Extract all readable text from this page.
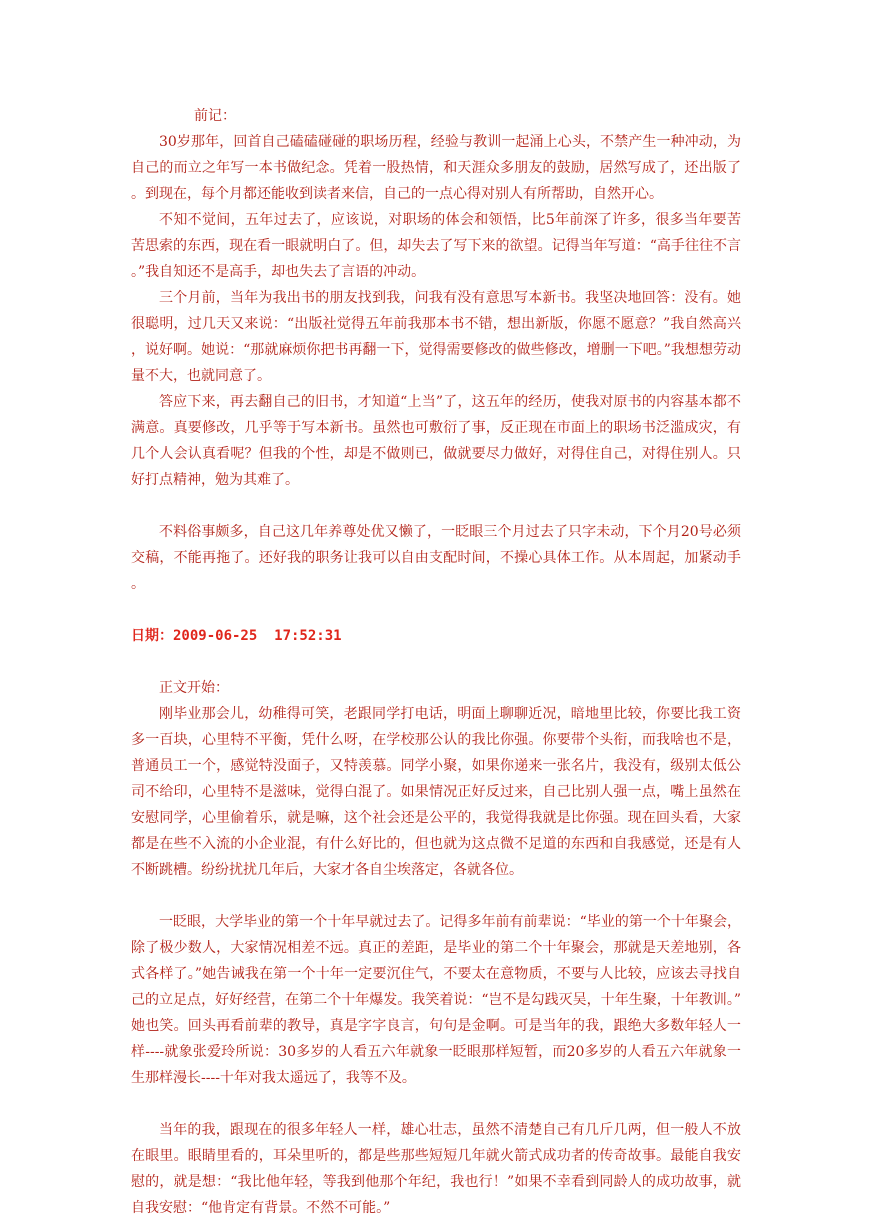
前记：

30岁那年，回首自己磕磕碰碰的职场历程，经验与教训一起涌上心头，不禁产生一种冲动，为自己的而立之年写一本书做纪念。凭着一股热情，和天涯众多朋友的鼓励，居然写成了，还出版了。到现在，每个月都还能收到读者来信，自己的一点心得对别人有所帮助，自然开心。

不知不觉间，五年过去了，应该说，对职场的体会和领悟，比5年前深了许多，很多当年要苦苦思索的东西，现在看一眼就明白了。但，却失去了写下来的欲望。记得当年写道：“高手往往不言。”我自知还不是高手，却也失去了言语的冲动。

三个月前，当年为我出书的朋友找到我，问我有没有意思写本新书。我坚决地回答：没有。她很聪明，过几天又来说：“出版社觉得五年前我那本书不错，想出新版，你愿不愿意？”我自然高兴，说好啊。她说：“那就麻烦你把书再翻一下，觉得需要修改的做些修改，增删一下吧。”我想想劳动量不大，也就同意了。

答应下来，再去翻自己的旧书，才知道“上当”了，这五年的经历，使我对原书的内容基本都不满意。真要修改，几乎等于写本新书。虽然也可敷衍了事，反正现在市面上的职场书泛滥成灾，有几个人会认真看呢？但我的个性，却是不做则已，做就要尽力做好，对得住自己，对得住别人。只好打点精神，勉为其难了。

不料俗事颇多，自己这几年养尊处优又懒了，一眨眼三个月过去了只字未动，下个月20号必须交稿，不能再拖了。还好我的职务让我可以自由支配时间，不操心具体工作。从本周起，加紧动手。

日期：2009-06-25  17:52:31

正文开始：

刚毕业那会儿，幼稚得可笑，老跟同学打电话，明面上聊聊近况，暗地里比较，你要比我工资多一百块，心里特不平衡，凭什么呀，在学校那公认的我比你强。你要带个头衔，而我啥也不是，普通员工一个，感觉特没面子，又特羡慕。同学小聚，如果你递来一张名片，我没有，级别太低公司不给印，心里特不是滋味，觉得白混了。如果情况正好反过来，自己比别人强一点，嘴上虽然在安慰同学，心里偷着乐，就是嘛，这个社会还是公平的，我觉得我就是比你强。现在回头看，大家都是在些不入流的小企业混，有什么好比的，但也就为这点微不足道的东西和自我感觉，还是有人不断跳槽。纷纷扰扰几年后，大家才各自尘埃落定，各就各位。

一眨眼，大学毕业的第一个十年早就过去了。记得多年前有前辈说：“毕业的第一个十年聚会，除了极少数人，大家情况相差不远。真正的差距，是毕业的第二个十年聚会，那就是天差地别，各式各样了。”她告诫我在第一个十年一定要沉住气，不要太在意物质，不要与人比较，应该去寻找自己的立足点，好好经营，在第二个十年爆发。我笑着说：“岂不是勾践灭吴，十年生聚，十年教训。”她也笑。回头再看前辈的教导，真是字字良言，句句是金啊。可是当年的我，跟绝大多数年轻人一样----就象张爱玲所说：30多岁的人看五六年就象一眨眼那样短暂，而20多岁的人看五六年就象一生那样漫长----十年对我太遥远了，我等不及。

当年的我，跟现在的很多年轻人一样，雄心壮志，虽然不清楚自己有几斤几两，但一般人不放在眼里。眼睛里看的，耳朵里听的，都是些那些短短几年就火箭式成功者的传奇故事。最能自我安慰的，就是想：“我比他年轻，等我到他那个年纪，我也行！”如果不幸看到同龄人的成功故事，就自我安慰：“他肯定有背景。不然不可能。”
